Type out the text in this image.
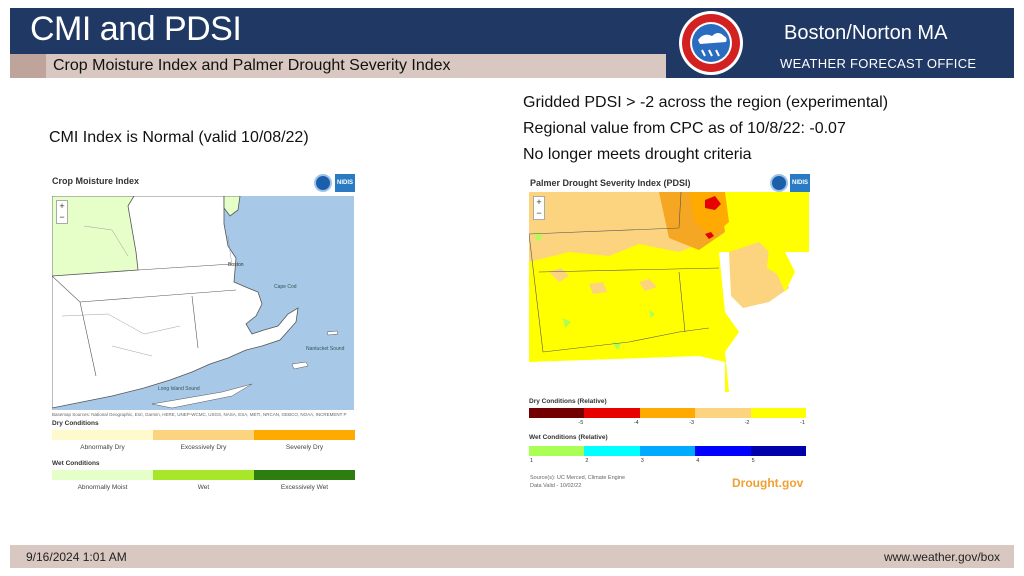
CMI and PDSI
Crop Moisture Index and Palmer Drought Severity Index
Boston/Norton MA
WEATHER FORECAST OFFICE
CMI Index is Normal (valid 10/08/22)
Crop Moisture Index	NIDIS
Boston
Cape Cod
Nantucket Sound
Long Island Sound
+
−
Basemap Sources: National Geographic, Esri, Garmin, HERE, UNEP-WCMC, USGS, NASA, ESA, METI, NRCAN, GEBCO, NOAA, INCREMENT P
Dry Conditions
Abnormally Dry	Excessively Dry	Severely Dry
Wet Conditions
Abnormally Moist	Wet	Excessively Wet
Gridded PDSI > -2 across the region (experimental)
Regional value from CPC as of 10/8/22: -0.07
No longer meets drought criteria
Palmer Drought Severity Index (PDSI)	NIDIS
+
−
Dry Conditions (Relative)
-5	-4	-3	-2	-1
Wet Conditions (Relative)
1	2	3	4	5
Source(s): UC Merced, Climate Engine
Data Valid - 10/02/22	Drought.gov
9/16/2024 1:01 AM	www.weather.gov/box
